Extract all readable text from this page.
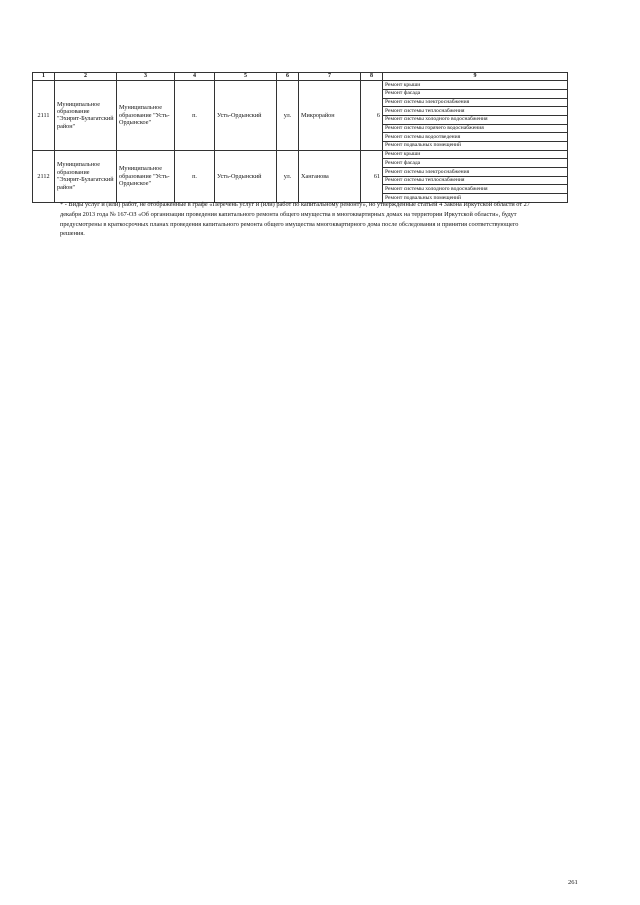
1	2	3	4	5	6	7	8	9
2111	Муниципальное образование "Эхирит-Булагатский район"	Муниципальное образование "Усть-Ордынское"	п.	Усть-Ордынский	ул.	Микрорайон	6	Ремонт крыши
								Ремонт фасада
								Ремонт системы электроснабжения
								Ремонт системы теплоснабжения
								Ремонт системы холодного водоснабжения
								Ремонт системы горячего водоснабжения
								Ремонт системы водоотведения
								Ремонт подвальных помещений
2112	Муниципальное образование "Эхирит-Булагатский район"	Муниципальное образование "Усть-Ордынское"	п.	Усть-Ордынский	ул.	Ханганова	61	Ремонт крыши
								Ремонт фасада
								Ремонт системы электроснабжения
								Ремонт системы теплоснабжения
								Ремонт системы холодного водоснабжения
								Ремонт подвальных помещений
* - Виды услуг и (или) работ, не отображенные в графе «Перечень услуг и (или) работ по капитальному ремонту», но утвержденные статьей 4 Закона Иркутской области от 27 декабря 2013 года № 167-ОЗ «Об организации проведения капитального ремонта общего имущества в многоквартирных домах на территории Иркутской области», будут предусмотрены в краткосрочных планах проведения капитального ремонта общего имущества многоквартирного дома после обследования и принятия соответствующего решения.
261
